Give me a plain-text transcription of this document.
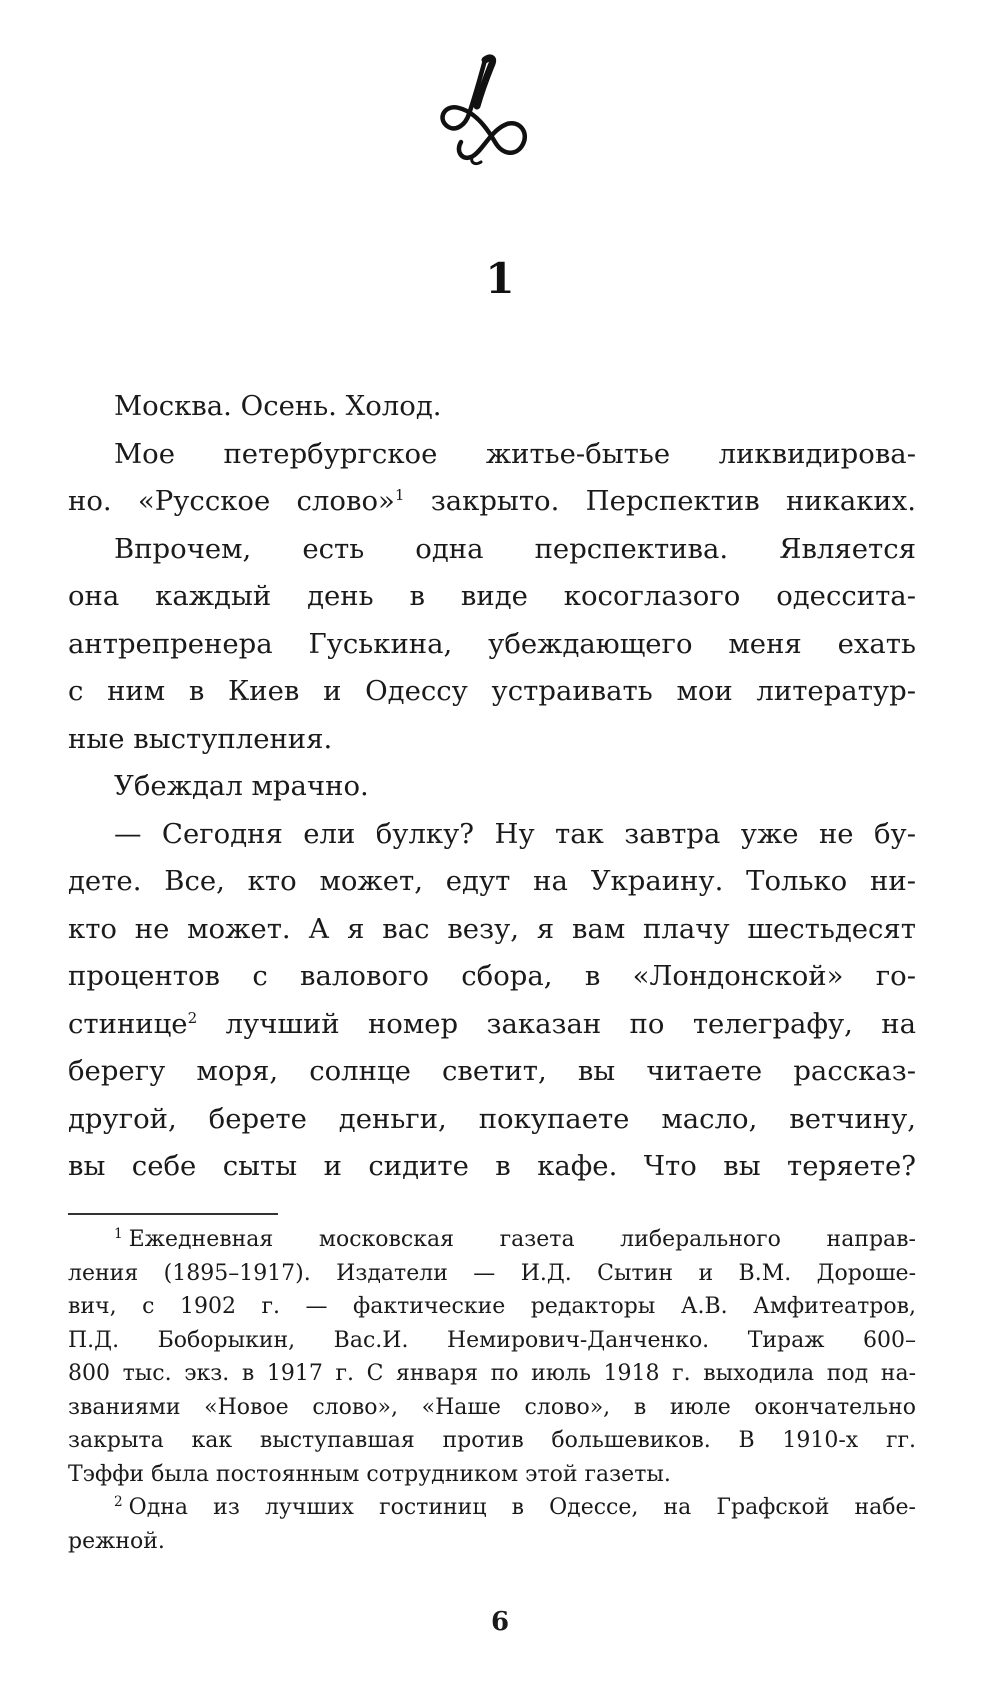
1
Москва. Осень. Холод.
Мое петербургское житье-бытье ликвидирова-
но. «Русское слово»$^1$ закрыто. Перспектив никаких.
Впрочем, есть одна перспектива. Является
она каждый день в виде косоглазого одессита-
антрепренера Гуськина, убеждающего меня ехать
с ним в Киев и Одессу устраивать мои литератур-
ные выступления.
Убеждал мрачно.
— Сегодня ели булку? Ну так завтра уже не бу-
дете. Все, кто может, едут на Украину. Только ни-
кто не может. А я вас везу, я вам плачу шестьдесят
процентов с валового сбора, в «Лондонской» го-
стинице$^2$ лучший номер заказан по телеграфу, на
берегу моря, солнце светит, вы читаете рассказ-
другой, берете деньги, покупаете масло, ветчину,
вы себе сыты и сидите в кафе. Что вы теряете?
$^1$ Ежедневная московская газета либерального направ-
ления (1895–1917). Издатели — И.Д. Сытин и В.М. Дороше-
вич, с 1902 г. — фактические редакторы А.В. Амфитеатров,
П.Д. Боборыкин, Вас.И. Немирович-Данченко. Тираж 600–
800 тыс. экз. в 1917 г. С января по июль 1918 г. выходила под на-
званиями «Новое слово», «Наше слово», в июле окончательно
закрыта как выступавшая против большевиков. В 1910-х гг.
Тэффи была постоянным сотрудником этой газеты.
$^2$ Одна из лучших гостиниц в Одессе, на Графской набе-
режной.
6
